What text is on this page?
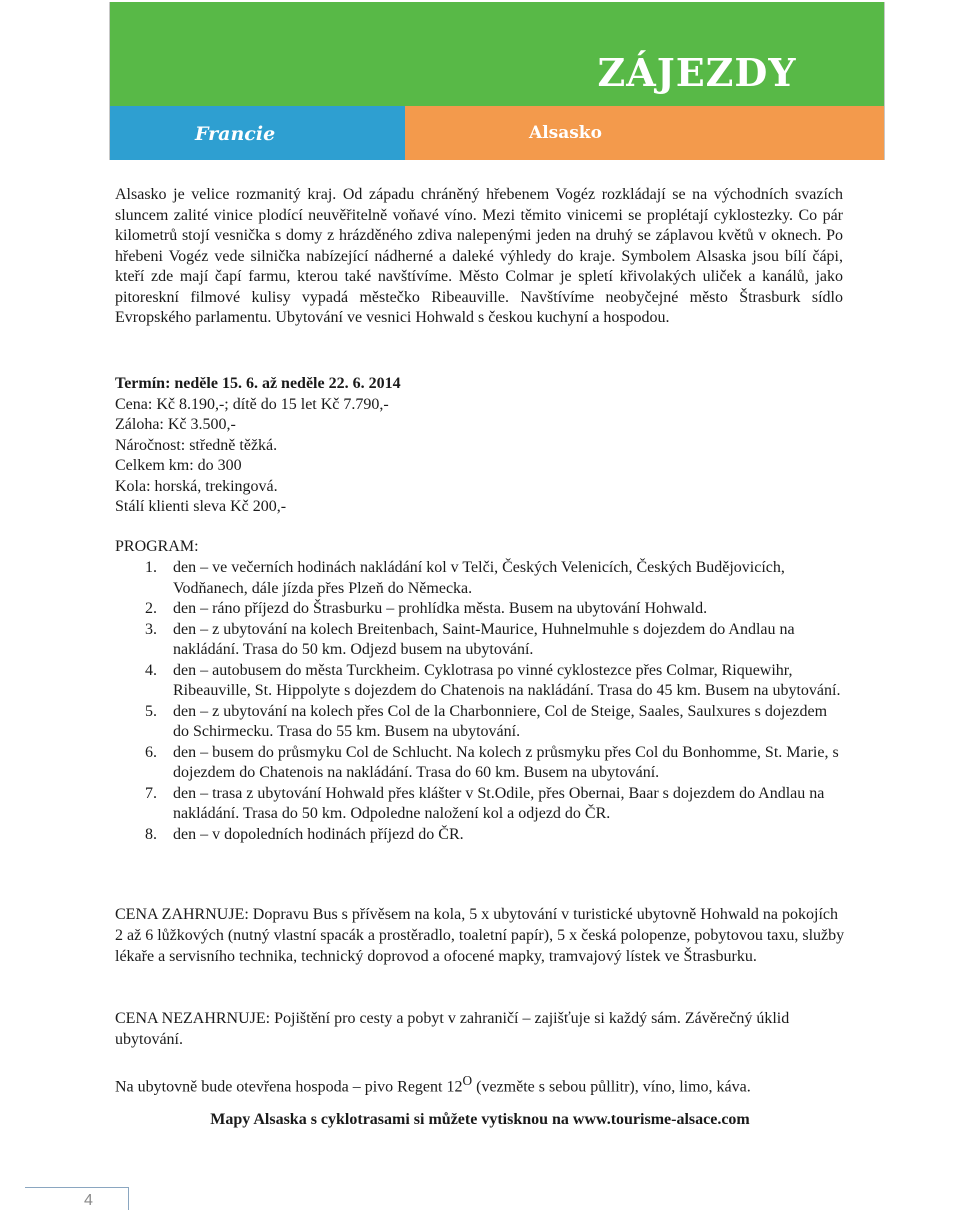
ZÁJEZDY
Francie	Alsasko
Alsasko je velice rozmanitý kraj. Od západu chráněný hřebenem Vogéz rozkládají se na východních svazích sluncem zalité vinice plodící neuvěřitelně voňavé víno. Mezi těmito vinicemi se proplétají cyklostezky. Co pár kilometrů stojí vesnička s domy z hrázděného zdiva nalepenými jeden na druhý se záplavou květů v oknech. Po hřebeni Vogéz vede silnička nabízející nádherné a daleké výhledy do kraje. Symbolem Alsaska jsou bílí čápi, kteří zde mají čapí farmu, kterou také navštívíme. Město Colmar je spletí křivolakých uliček a kanálů, jako pitoreskní filmové kulisy vypadá městečko Ribeauville. Navštívíme neobyčejné město Štrasburk sídlo Evropského parlamentu. Ubytování ve vesnici Hohwald s českou kuchyní a hospodou.
Termín: neděle 15. 6. až neděle 22. 6. 2014
Cena: Kč 8.190,-; dítě do 15 let Kč 7.790,-
Záloha: Kč 3.500,-
Náročnost: středně těžká.
Celkem km: do 300
Kola: horská, trekingová.
Stálí klienti sleva Kč 200,-
PROGRAM:
1. den – ve večerních hodinách nakládání kol v Telči, Českých Velenicích, Českých Budějovicích, Vodňanech, dále jízda přes Plzeň do Německa.
2. den – ráno příjezd do Štrasburku – prohlídka města. Busem na ubytování Hohwald.
3. den – z ubytování na kolech Breitenbach, Saint-Maurice, Huhnelmuhle s dojezdem do Andlau na nakládání. Trasa do 50 km. Odjezd busem na ubytování.
4. den – autobusem do města Turckheim. Cyklotrasa po vinné cyklostezce přes Colmar, Riquewihr, Ribeauville, St. Hippolyte s dojezdem do Chatenois na nakládání. Trasa do 45 km. Busem na ubytování.
5. den – z ubytování na kolech přes Col de la Charbonniere, Col de Steige, Saales, Saulxures s dojezdem do Schirmecku. Trasa do 55 km. Busem na ubytování.
6. den – busem do průsmyku Col de Schlucht. Na kolech z průsmyku přes Col du Bonhomme, St. Marie, s dojezdem do Chatenois na nakládání. Trasa do 60 km. Busem na ubytování.
7. den – trasa z ubytování Hohwald přes klášter v St.Odile, přes Obernai, Baar s dojezdem do Andlau na nakládání. Trasa do 50 km. Odpoledne naložení kol a odjezd do ČR.
8. den – v dopoledních hodinách příjezd do ČR.
CENA ZAHRNUJE: Dopravu Bus s přívěsem na kola, 5 x ubytování v turistické ubytovně Hohwald na pokojích 2 až 6 lůžkových (nutný vlastní spacák a prostěradlo, toaletní papír), 5 x česká polopenze, pobytovou taxu, služby lékaře a servisního technika, technický doprovod a ofocené mapky, tramvajový lístek ve Štrasburku.
CENA NEZAHRNUJE: Pojištění pro cesty a pobyt v zahraničí – zajišťuje si každý sám. Závěrečný úklid ubytování.
Na ubytovně bude otevřena hospoda – pivo Regent $12^O$ (vezměte s sebou půllitr), víno, limo, káva.
Mapy Alsaska s cyklotrasami si můžete vytisknou na www.tourisme-alsace.com
4
